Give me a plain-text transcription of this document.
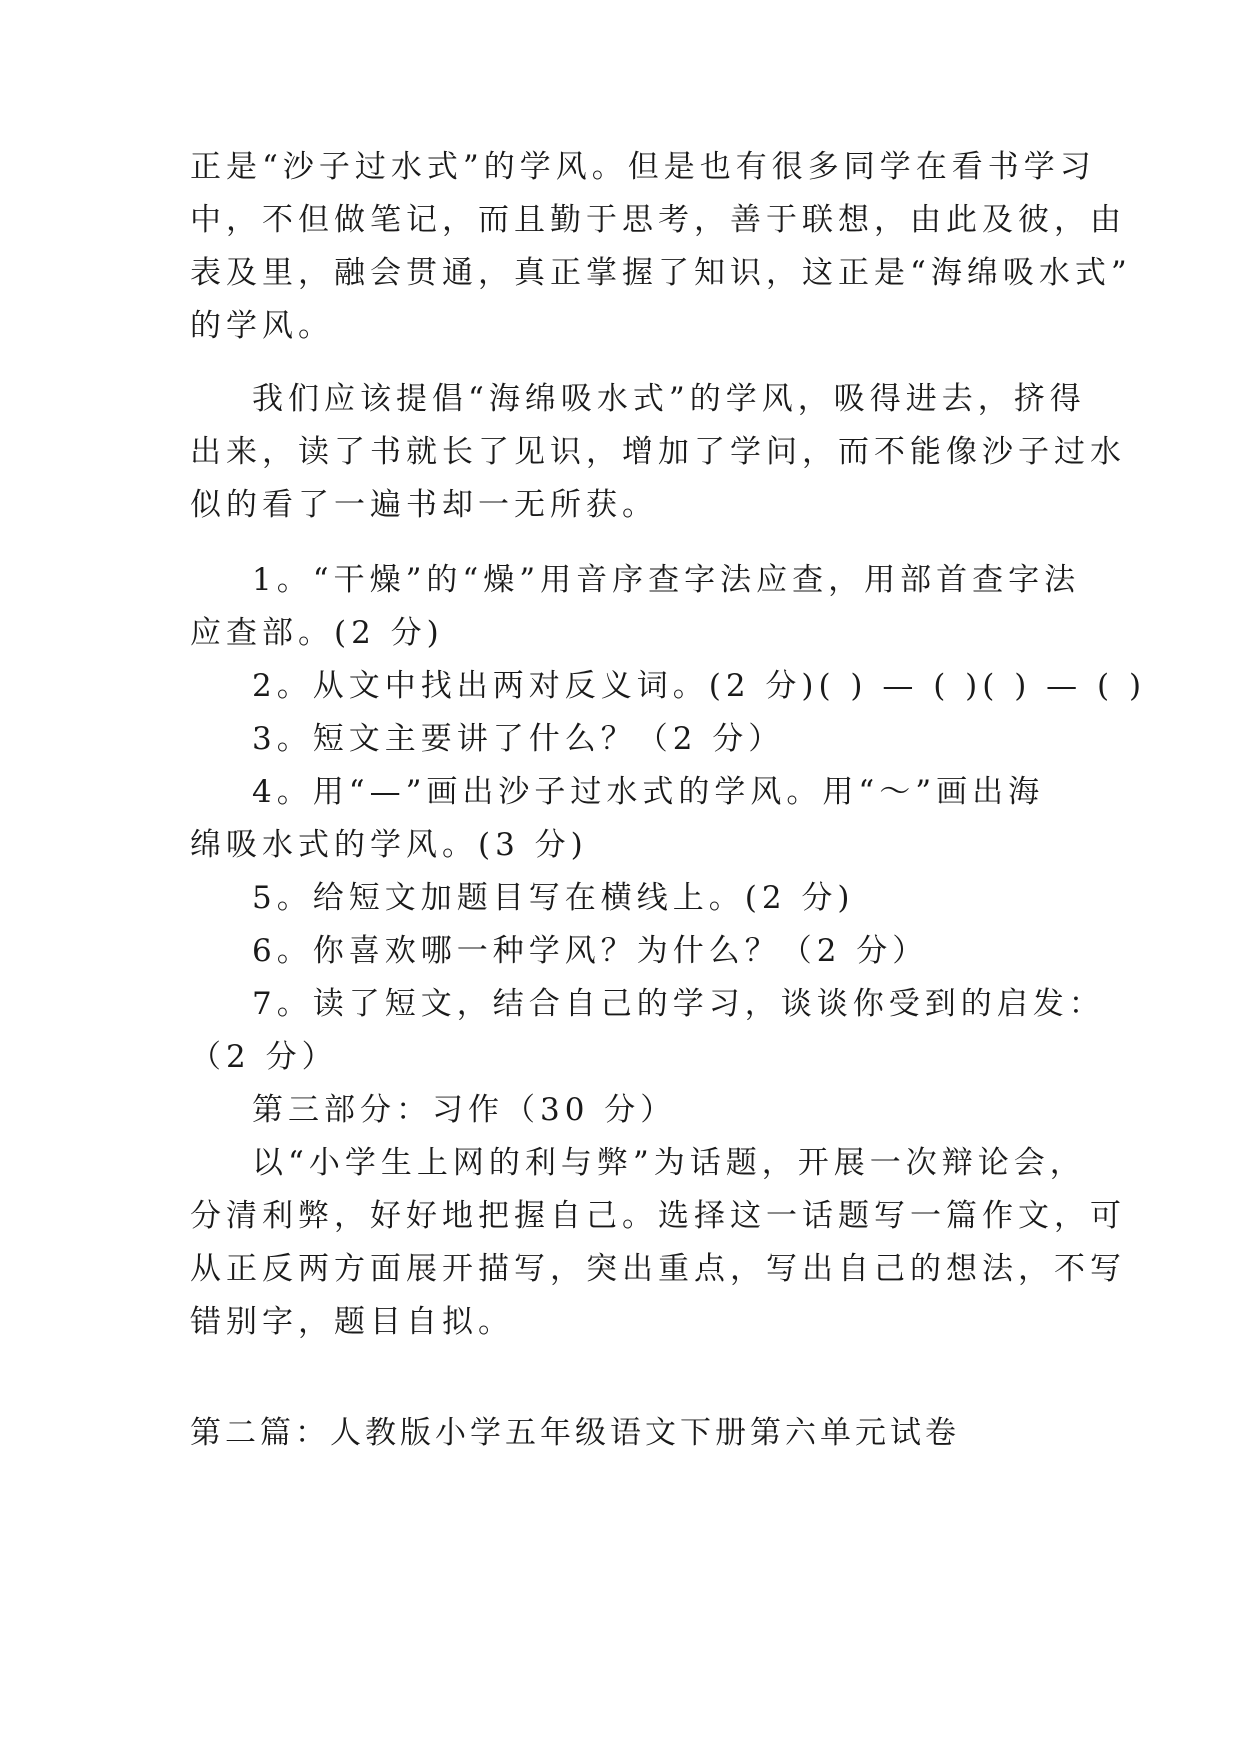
正是“沙子过水式”的学风。但是也有很多同学在看书学习
中，不但做笔记，而且勤于思考，善于联想，由此及彼，由
表及里，融会贯通，真正掌握了知识，这正是“海绵吸水式”
的学风。
我们应该提倡“海绵吸水式”的学风，吸得进去，挤得
出来，读了书就长了见识，增加了学问，而不能像沙子过水
似的看了一遍书却一无所获。
1。“干燥”的“燥”用音序查字法应查，用部首查字法
应查部。(2 分)
2。从文中找出两对反义词。(2 分)( ) — ( )( ) — ( )
3。短文主要讲了什么？（2 分）
4。用“—”画出沙子过水式的学风。用“～”画出海
绵吸水式的学风。(3 分)
5。给短文加题目写在横线上。(2 分)
6。你喜欢哪一种学风？为什么？（2 分）
7。读了短文，结合自己的学习，谈谈你受到的启发：
（2 分）
第三部分：习作（30 分）
以“小学生上网的利与弊”为话题，开展一次辩论会，
分清利弊，好好地把握自己。选择这一话题写一篇作文，可
从正反两方面展开描写，突出重点，写出自己的想法，不写
错别字，题目自拟。
第二篇：人教版小学五年级语文下册第六单元试卷
